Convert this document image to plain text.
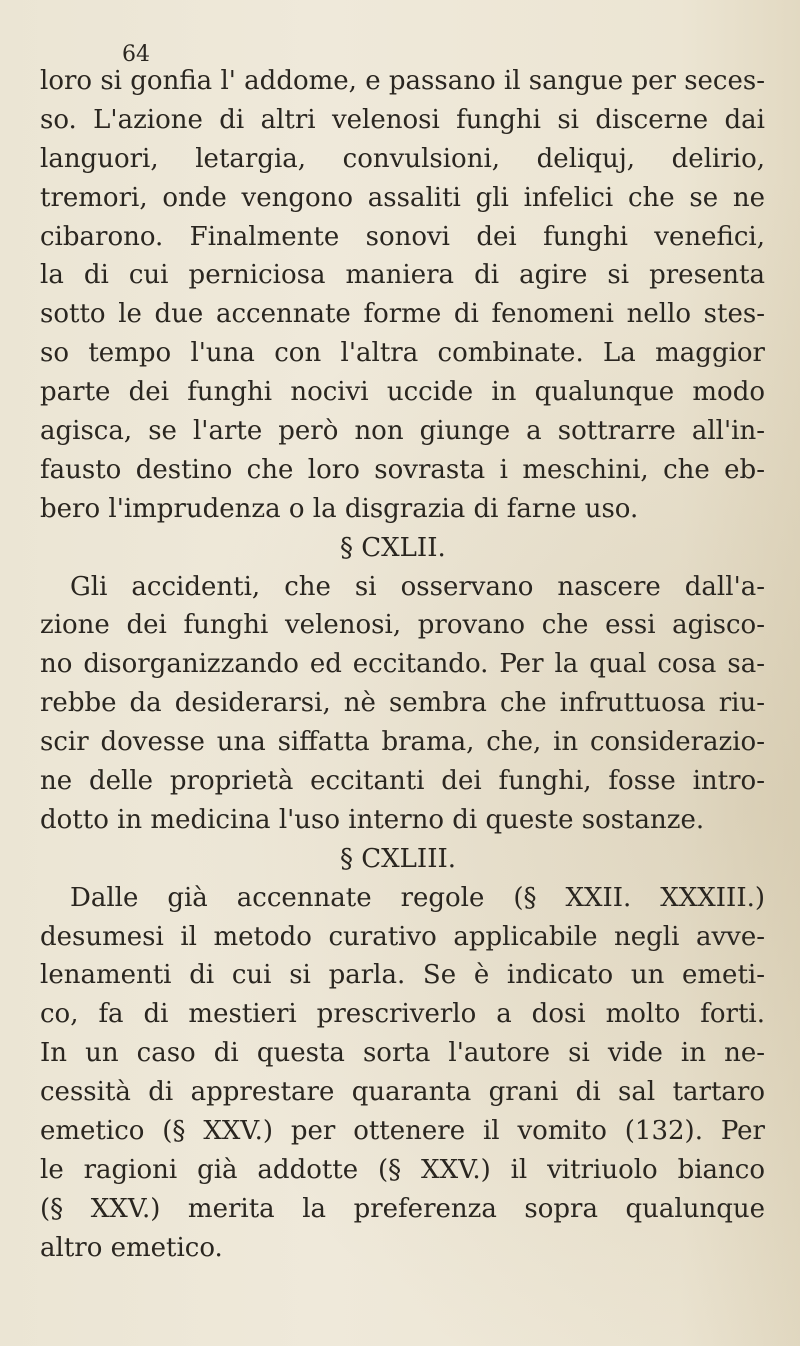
64
loro si gonfia l' addome, e passano il sangue per seces-
so. L'azione di altri velenosi funghi si discerne dai
languori, letargia, convulsioni, deliquj, delirio,
tremori, onde vengono assaliti gli infelici che se ne
cibarono. Finalmente sonovi dei funghi venefici,
la di cui perniciosa maniera di agire si presenta
sotto le due accennate forme di fenomeni nello stes-
so tempo l'una con l'altra combinate. La maggior
parte dei funghi nocivi uccide in qualunque modo
agisca, se l'arte però non giunge a sottrarre all'in-
fausto destino che loro sovrasta i meschini, che eb-
bero l'imprudenza o la disgrazia di farne uso.
§ CXLII.
Gli accidenti, che si osservano nascere dall'a-
zione dei funghi velenosi, provano che essi agisco-
no disorganizzando ed eccitando. Per la qual cosa sa-
rebbe da desiderarsi, nè sembra che infruttuosa riu-
scir dovesse una siffatta brama, che, in considerazio-
ne delle proprietà eccitanti dei funghi, fosse intro-
dotto in medicina l'uso interno di queste sostanze.
§ CXLIII.
Dalle già accennate regole (§ XXII. XXXIII.)
desumesi il metodo curativo applicabile negli avve-
lenamenti di cui si parla. Se è indicato un emeti-
co, fa di mestieri prescriverlo a dosi molto forti.
In un caso di questa sorta l'autore si vide in ne-
cessità di apprestare quaranta grani di sal tartaro
emetico (§ XXV.) per ottenere il vomito (132). Per
le ragioni già addotte (§ XXV.) il vitriuolo bianco
(§ XXV.) merita la preferenza sopra qualunque
altro emetico.
